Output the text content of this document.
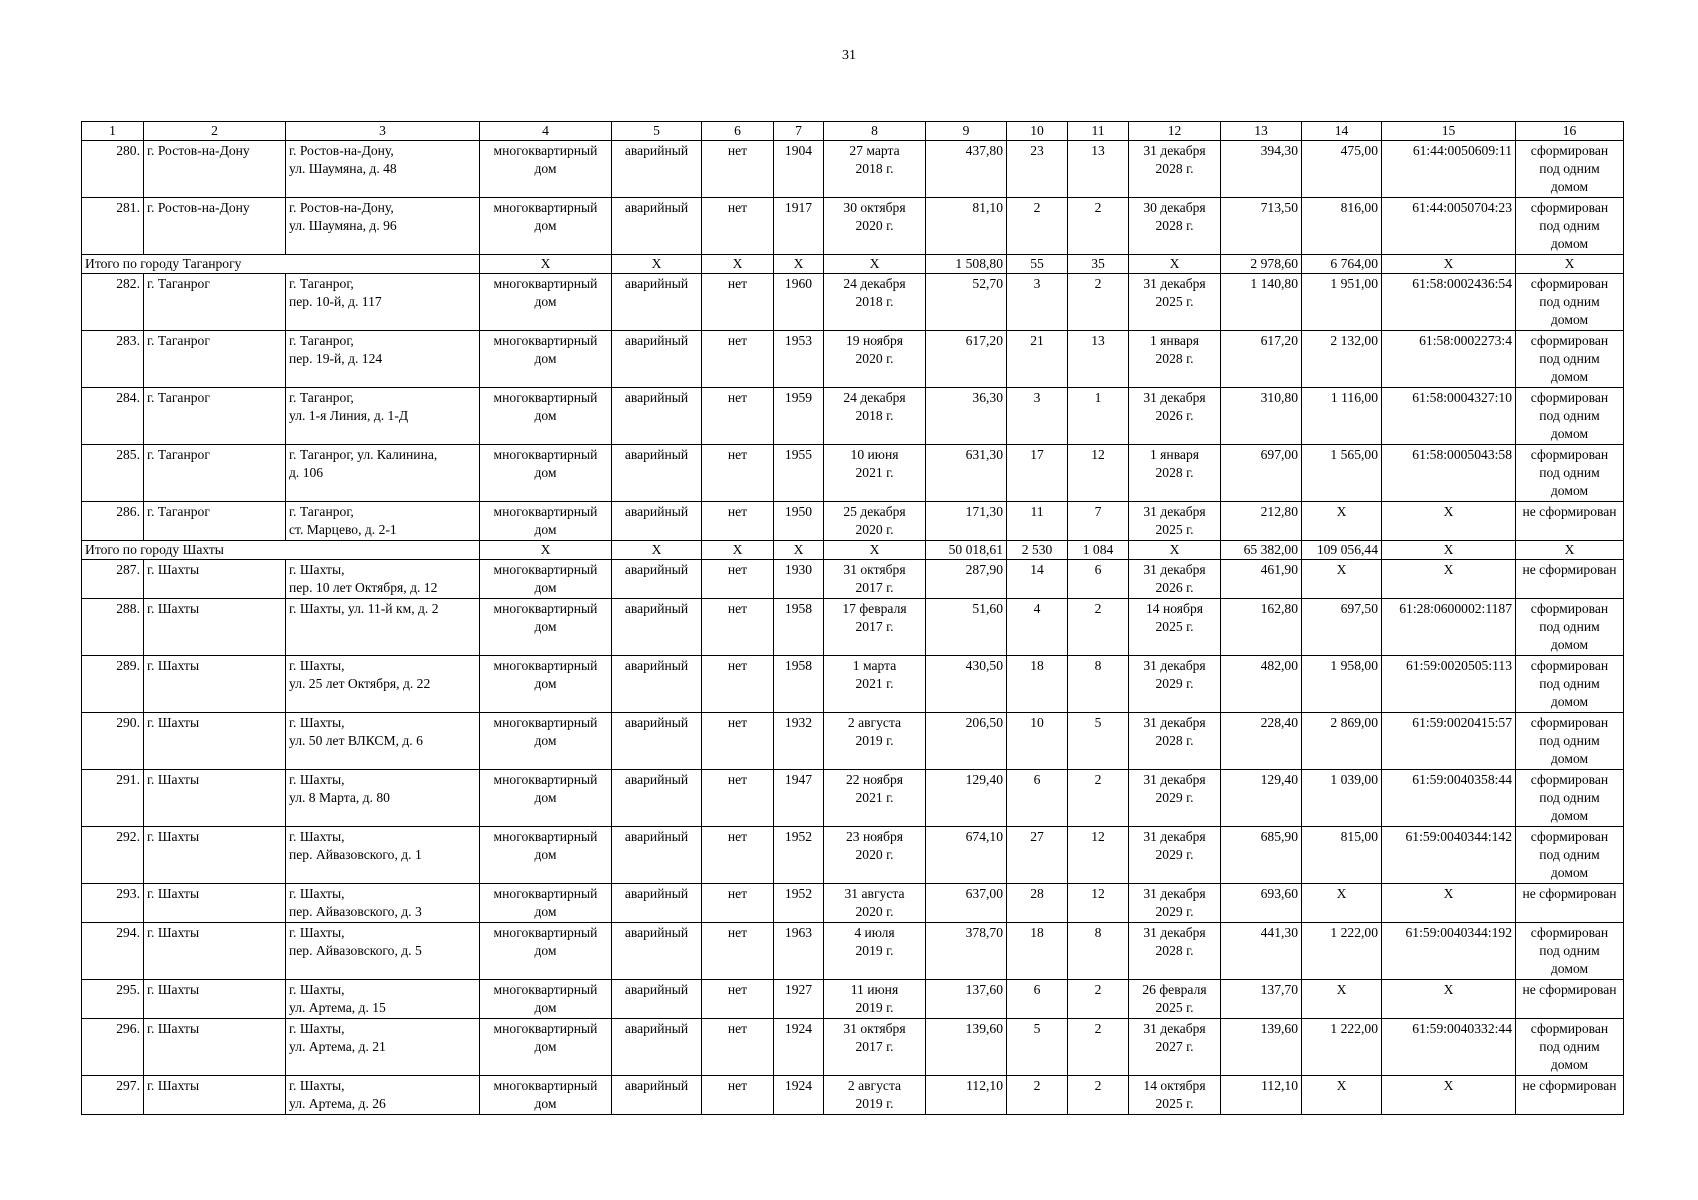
31
1	2	3	4	5	6	7	8	9	10	11	12	13	14	15	16
280.	г. Ростов-на-Дону	г. Ростов-на-Дону,
ул. Шаумяна, д. 48	многоквартирный
дом	аварийный	нет	1904	27 марта
2018 г.	437,80	23	13	31 декабря
2028 г.	394,30	475,00	61:44:0050609:11	сформирован
под одним
домом
281.	г. Ростов-на-Дону	г. Ростов-на-Дону,
ул. Шаумяна, д. 96	многоквартирный
дом	аварийный	нет	1917	30 октября
2020 г.	81,10	2	2	30 декабря
2028 г.	713,50	816,00	61:44:0050704:23	сформирован
под одним
домом
Итого по городу Таганрогу			X	X	X	X	X	1 508,80	55	35	X	2 978,60	6 764,00	X	X
282.	г. Таганрог	г. Таганрог,
пер. 10-й, д. 117	многоквартирный
дом	аварийный	нет	1960	24 декабря
2018 г.	52,70	3	2	31 декабря
2025 г.	1 140,80	1 951,00	61:58:0002436:54	сформирован
под одним
домом
283.	г. Таганрог	г. Таганрог,
пер. 19-й, д. 124	многоквартирный
дом	аварийный	нет	1953	19 ноября
2020 г.	617,20	21	13	1 января
2028 г.	617,20	2 132,00	61:58:0002273:4	сформирован
под одним
домом
284.	г. Таганрог	г. Таганрог,
ул. 1-я Линия, д. 1-Д	многоквартирный
дом	аварийный	нет	1959	24 декабря
2018 г.	36,30	3	1	31 декабря
2026 г.	310,80	1 116,00	61:58:0004327:10	сформирован
под одним
домом
285.	г. Таганрог	г. Таганрог, ул. Калинина,
д. 106	многоквартирный
дом	аварийный	нет	1955	10 июня
2021 г.	631,30	17	12	1 января
2028 г.	697,00	1 565,00	61:58:0005043:58	сформирован
под одним
домом
286.	г. Таганрог	г. Таганрог,
ст. Марцево, д. 2-1	многоквартирный
дом	аварийный	нет	1950	25 декабря
2020 г.	171,30	11	7	31 декабря
2025 г.	212,80	X	X	не сформирован
Итого по городу Шахты			X	X	X	X	X	50 018,61	2 530	1 084	X	65 382,00	109 056,44	X	X
287.	г. Шахты	г. Шахты,
пер. 10 лет Октября, д. 12	многоквартирный
дом	аварийный	нет	1930	31 октября
2017 г.	287,90	14	6	31 декабря
2026 г.	461,90	X	X	не сформирован
288.	г. Шахты	г. Шахты, ул. 11-й км, д. 2	многоквартирный
дом	аварийный	нет	1958	17 февраля
2017 г.	51,60	4	2	14 ноября
2025 г.	162,80	697,50	61:28:0600002:1187	сформирован
под одним
домом
289.	г. Шахты	г. Шахты,
ул. 25 лет Октября, д. 22	многоквартирный
дом	аварийный	нет	1958	1 марта
2021 г.	430,50	18	8	31 декабря
2029 г.	482,00	1 958,00	61:59:0020505:113	сформирован
под одним
домом
290.	г. Шахты	г. Шахты,
ул. 50 лет ВЛКСМ, д. 6	многоквартирный
дом	аварийный	нет	1932	2 августа
2019 г.	206,50	10	5	31 декабря
2028 г.	228,40	2 869,00	61:59:0020415:57	сформирован
под одним
домом
291.	г. Шахты	г. Шахты,
ул. 8 Марта, д. 80	многоквартирный
дом	аварийный	нет	1947	22 ноября
2021 г.	129,40	6	2	31 декабря
2029 г.	129,40	1 039,00	61:59:0040358:44	сформирован
под одним
домом
292.	г. Шахты	г. Шахты,
пер. Айвазовского, д. 1	многоквартирный
дом	аварийный	нет	1952	23 ноября
2020 г.	674,10	27	12	31 декабря
2029 г.	685,90	815,00	61:59:0040344:142	сформирован
под одним
домом
293.	г. Шахты	г. Шахты,
пер. Айвазовского, д. 3	многоквартирный
дом	аварийный	нет	1952	31 августа
2020 г.	637,00	28	12	31 декабря
2029 г.	693,60	X	X	не сформирован
294.	г. Шахты	г. Шахты,
пер. Айвазовского, д. 5	многоквартирный
дом	аварийный	нет	1963	4 июля
2019 г.	378,70	18	8	31 декабря
2028 г.	441,30	1 222,00	61:59:0040344:192	сформирован
под одним
домом
295.	г. Шахты	г. Шахты,
ул. Артема, д. 15	многоквартирный
дом	аварийный	нет	1927	11 июня
2019 г.	137,60	6	2	26 февраля
2025 г.	137,70	X	X	не сформирован
296.	г. Шахты	г. Шахты,
ул. Артема, д. 21	многоквартирный
дом	аварийный	нет	1924	31 октября
2017 г.	139,60	5	2	31 декабря
2027 г.	139,60	1 222,00	61:59:0040332:44	сформирован
под одним
домом
297.	г. Шахты	г. Шахты,
ул. Артема, д. 26	многоквартирный
дом	аварийный	нет	1924	2 августа
2019 г.	112,10	2	2	14 октября
2025 г.	112,10	X	X	не сформирован
